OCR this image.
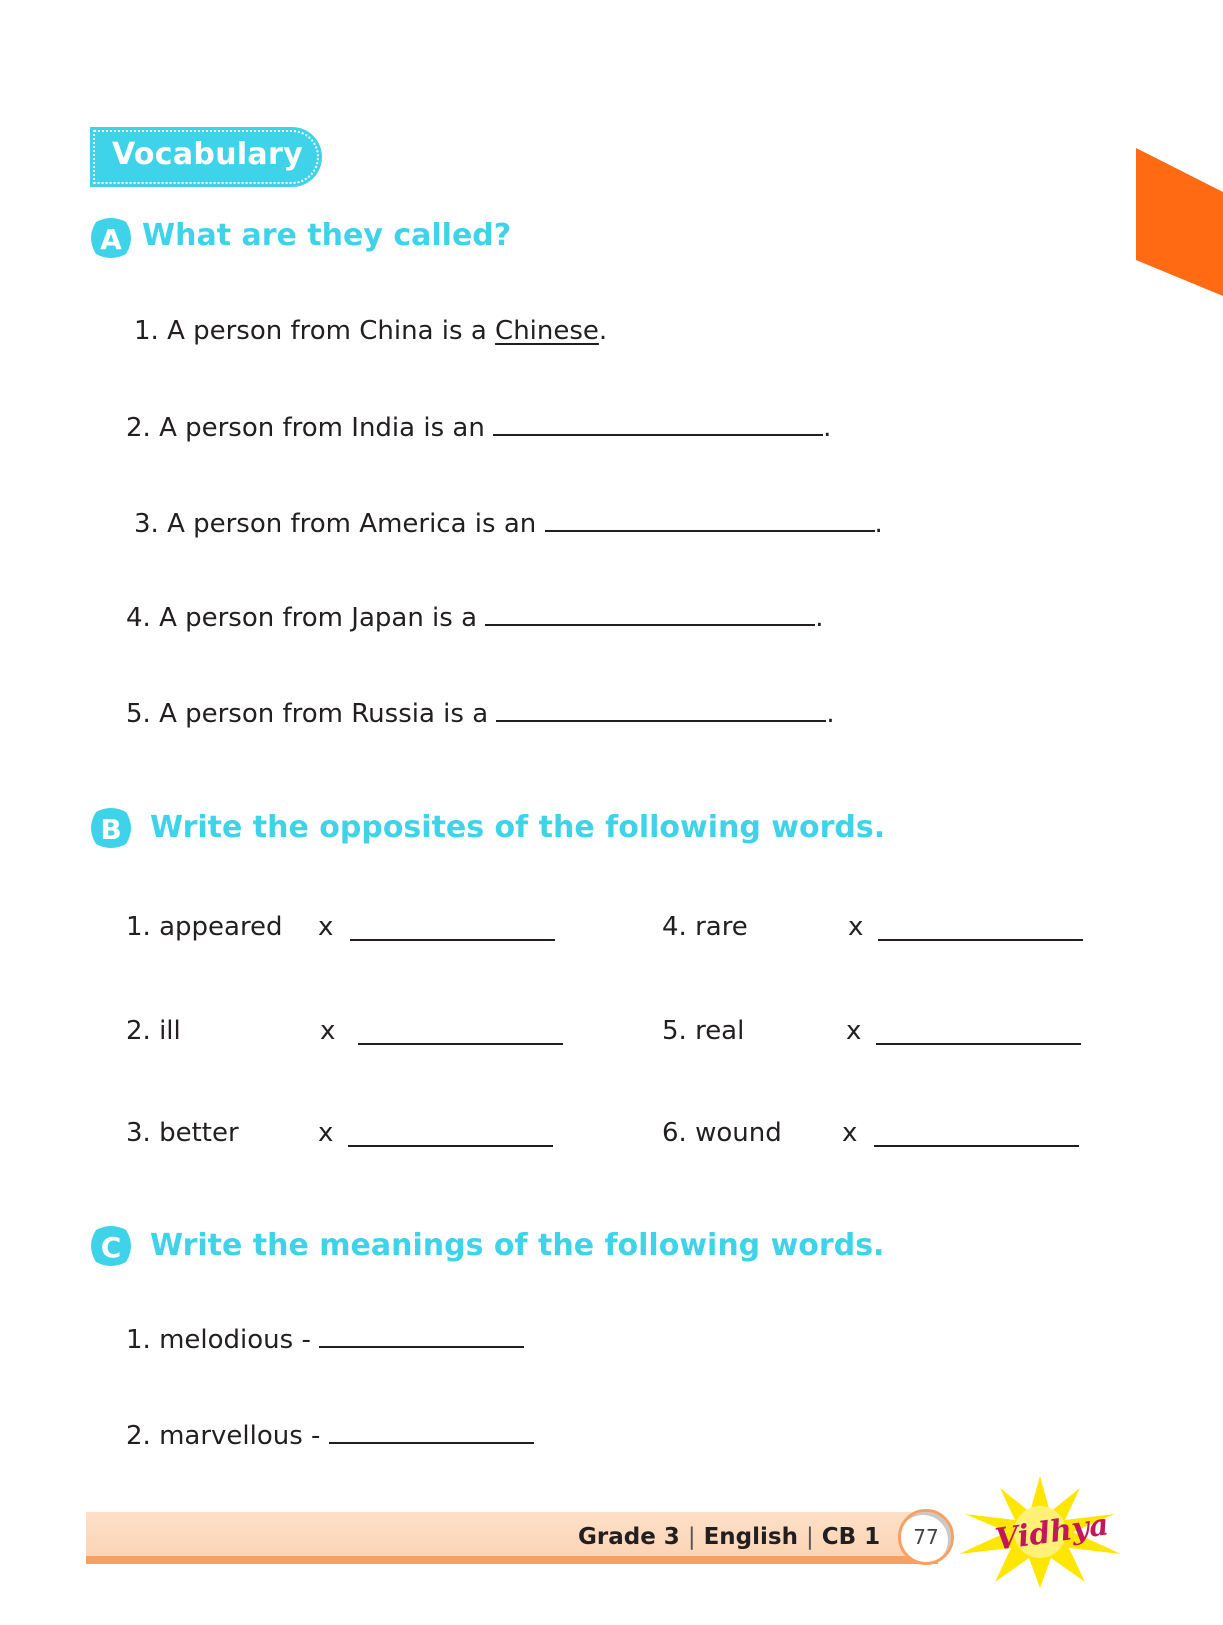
Vocabulary
A What are they called?
1. A person from China is a Chinese.
2. A person from India is an	.
3. A person from America is an	.
4. A person from Japan is a	.
5. A person from Russia is a	.
B Write the opposites of the following words.
1. appeared x
2. ill	x
3. better	x
4. rare	x
5. real	x
6. wound x
C Write the meanings of the following words.
1. melodious -
2. marvellous -
Grade 3 | English | CB 1	77	Vidhya
